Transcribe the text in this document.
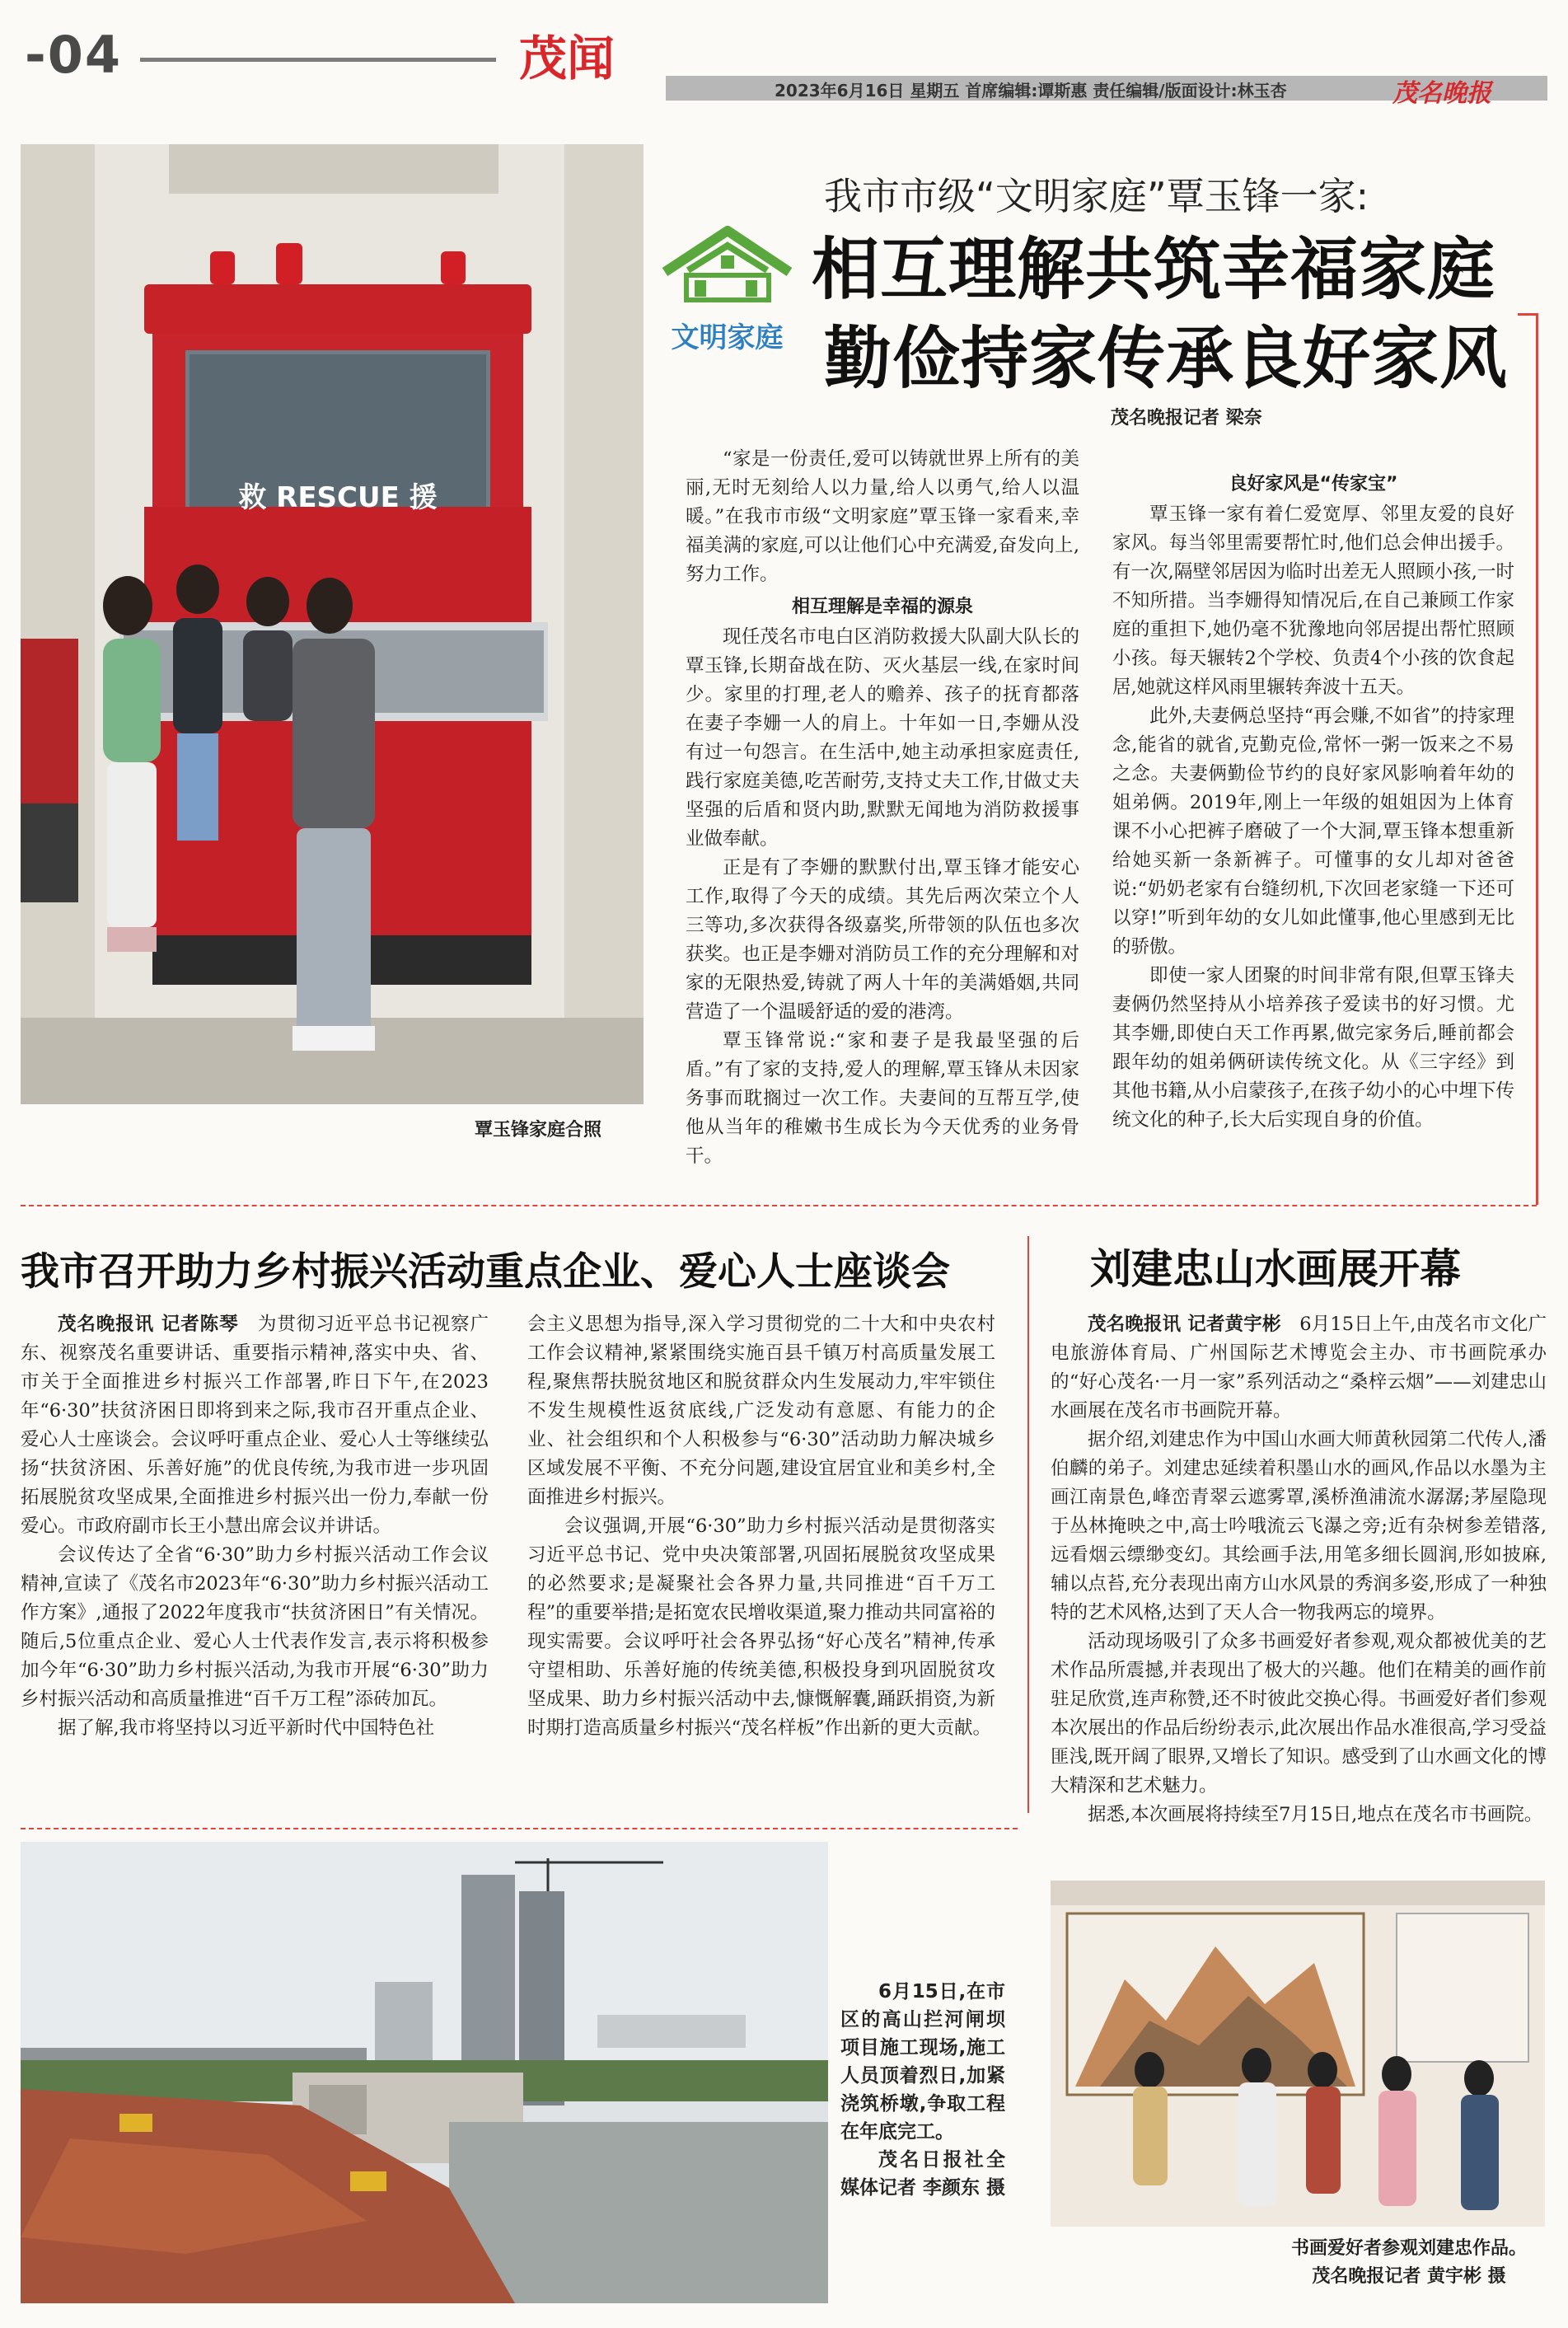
-04	茂闻
2023年6月16日 星期五 首席编辑:谭斯惠 责任编辑/版面设计:林玉杏	茂名晚报
救 RESCUE 援
覃玉锋家庭合照
我市市级“文明家庭”覃玉锋一家:
文明家庭
相互理解共筑幸福家庭
勤俭持家传承良好家风
茂名晚报记者 梁奈

“家是一份责任,爱可以铸就世界上所有的美丽,无时无刻给人以力量,给人以勇气,给人以温暖。”在我市市级“文明家庭”覃玉锋一家看来,幸福美满的家庭,可以让他们心中充满爱,奋发向上,努力工作。

相互理解是幸福的源泉

现任茂名市电白区消防救援大队副大队长的覃玉锋,长期奋战在防、灭火基层一线,在家时间少。家里的打理,老人的赡养、孩子的抚育都落在妻子李姗一人的肩上。十年如一日,李姗从没有过一句怨言。在生活中,她主动承担家庭责任,践行家庭美德,吃苦耐劳,支持丈夫工作,甘做丈夫坚强的后盾和贤内助,默默无闻地为消防救援事业做奉献。

正是有了李姗的默默付出,覃玉锋才能安心工作,取得了今天的成绩。其先后两次荣立个人三等功,多次获得各级嘉奖,所带领的队伍也多次获奖。也正是李姗对消防员工作的充分理解和对家的无限热爱,铸就了两人十年的美满婚姻,共同营造了一个温暖舒适的爱的港湾。

覃玉锋常说:“家和妻子是我最坚强的后盾。”有了家的支持,爱人的理解,覃玉锋从未因家务事而耽搁过一次工作。夫妻间的互帮互学,使他从当年的稚嫩书生成长为今天优秀的业务骨干。

良好家风是“传家宝”

覃玉锋一家有着仁爱宽厚、邻里友爱的良好家风。每当邻里需要帮忙时,他们总会伸出援手。有一次,隔壁邻居因为临时出差无人照顾小孩,一时不知所措。当李姗得知情况后,在自己兼顾工作家庭的重担下,她仍毫不犹豫地向邻居提出帮忙照顾小孩。每天辗转2个学校、负责4个小孩的饮食起居,她就这样风雨里辗转奔波十五天。

此外,夫妻俩总坚持“再会赚,不如省”的持家理念,能省的就省,克勤克俭,常怀一粥一饭来之不易之念。夫妻俩勤俭节约的良好家风影响着年幼的姐弟俩。2019年,刚上一年级的姐姐因为上体育课不小心把裤子磨破了一个大洞,覃玉锋本想重新给她买新一条新裤子。可懂事的女儿却对爸爸说:“奶奶老家有台缝纫机,下次回老家缝一下还可以穿!”听到年幼的女儿如此懂事,他心里感到无比的骄傲。

即使一家人团聚的时间非常有限,但覃玉锋夫妻俩仍然坚持从小培养孩子爱读书的好习惯。尤其李姗,即使白天工作再累,做完家务后,睡前都会跟年幼的姐弟俩研读传统文化。从《三字经》到其他书籍,从小启蒙孩子,在孩子幼小的心中埋下传统文化的种子,长大后实现自身的价值。

我市召开助力乡村振兴活动重点企业、爱心人士座谈会

茂名晚报讯 记者陈琴　 为贯彻习近平总书记视察广东、视察茂名重要讲话、重要指示精神,落实中央、省、市关于全面推进乡村振兴工作部署,昨日下午,在2023年“6·30”扶贫济困日即将到来之际,我市召开重点企业、爱心人士座谈会。会议呼吁重点企业、爱心人士等继续弘扬“扶贫济困、乐善好施”的优良传统,为我市进一步巩固拓展脱贫攻坚成果,全面推进乡村振兴出一份力,奉献一份爱心。市政府副市长王小慧出席会议并讲话。

会议传达了全省“6·30”助力乡村振兴活动工作会议精神,宣读了《茂名市2023年“6·30”助力乡村振兴活动工作方案》,通报了2022年度我市“扶贫济困日”有关情况。随后,5位重点企业、爱心人士代表作发言,表示将积极参加今年“6·30”助力乡村振兴活动,为我市开展“6·30”助力乡村振兴活动和高质量推进“百千万工程”添砖加瓦。

据了解,我市将坚持以习近平新时代中国特色社

会主义思想为指导,深入学习贯彻党的二十大和中央农村工作会议精神,紧紧围绕实施百县千镇万村高质量发展工程,聚焦帮扶脱贫地区和脱贫群众内生发展动力,牢牢锁住不发生规模性返贫底线,广泛发动有意愿、有能力的企业、社会组织和个人积极参与“6·30”活动助力解决城乡区域发展不平衡、不充分问题,建设宜居宜业和美乡村,全面推进乡村振兴。

会议强调,开展“6·30”助力乡村振兴活动是贯彻落实习近平总书记、党中央决策部署,巩固拓展脱贫攻坚成果的必然要求;是凝聚社会各界力量,共同推进“百千万工程”的重要举措;是拓宽农民增收渠道,聚力推动共同富裕的现实需要。会议呼吁社会各界弘扬“好心茂名”精神,传承守望相助、乐善好施的传统美德,积极投身到巩固脱贫攻坚成果、助力乡村振兴活动中去,慷慨解囊,踊跃捐资,为新时期打造高质量乡村振兴“茂名样板”作出新的更大贡献。

6月15日,在市区的高山拦河闸坝项目施工现场,施工人员顶着烈日,加紧浇筑桥墩,争取工程在年底完工。

茂名日报社全媒体记者 李颜东 摄

刘建忠山水画展开幕

茂名晚报讯 记者黄宇彬　 6月15日上午,由茂名市文化广电旅游体育局、广州国际艺术博览会主办、市书画院承办的“好心茂名·一月一家”系列活动之“桑梓云烟”——刘建忠山水画展在茂名市书画院开幕。

据介绍,刘建忠作为中国山水画大师黄秋园第二代传人,潘伯麟的弟子。刘建忠延续着积墨山水的画风,作品以水墨为主画江南景色,峰峦青翠云遮雾罩,溪桥渔浦流水潺潺;茅屋隐现于丛林掩映之中,高士吟哦流云飞瀑之旁;近有杂树参差错落,远看烟云缥缈变幻。其绘画手法,用笔多细长圆润,形如披麻,辅以点苔,充分表现出南方山水风景的秀润多姿,形成了一种独特的艺术风格,达到了天人合一物我两忘的境界。

活动现场吸引了众多书画爱好者参观,观众都被优美的艺术作品所震撼,并表现出了极大的兴趣。他们在精美的画作前驻足欣赏,连声称赞,还不时彼此交换心得。书画爱好者们参观本次展出的作品后纷纷表示,此次展出作品水准很高,学习受益匪浅,既开阔了眼界,又增长了知识。感受到了山水画文化的博大精深和艺术魅力。

据悉,本次画展将持续至7月15日,地点在茂名市书画院。

书画爱好者参观刘建忠作品。
茂名晚报记者 黄宇彬 摄
